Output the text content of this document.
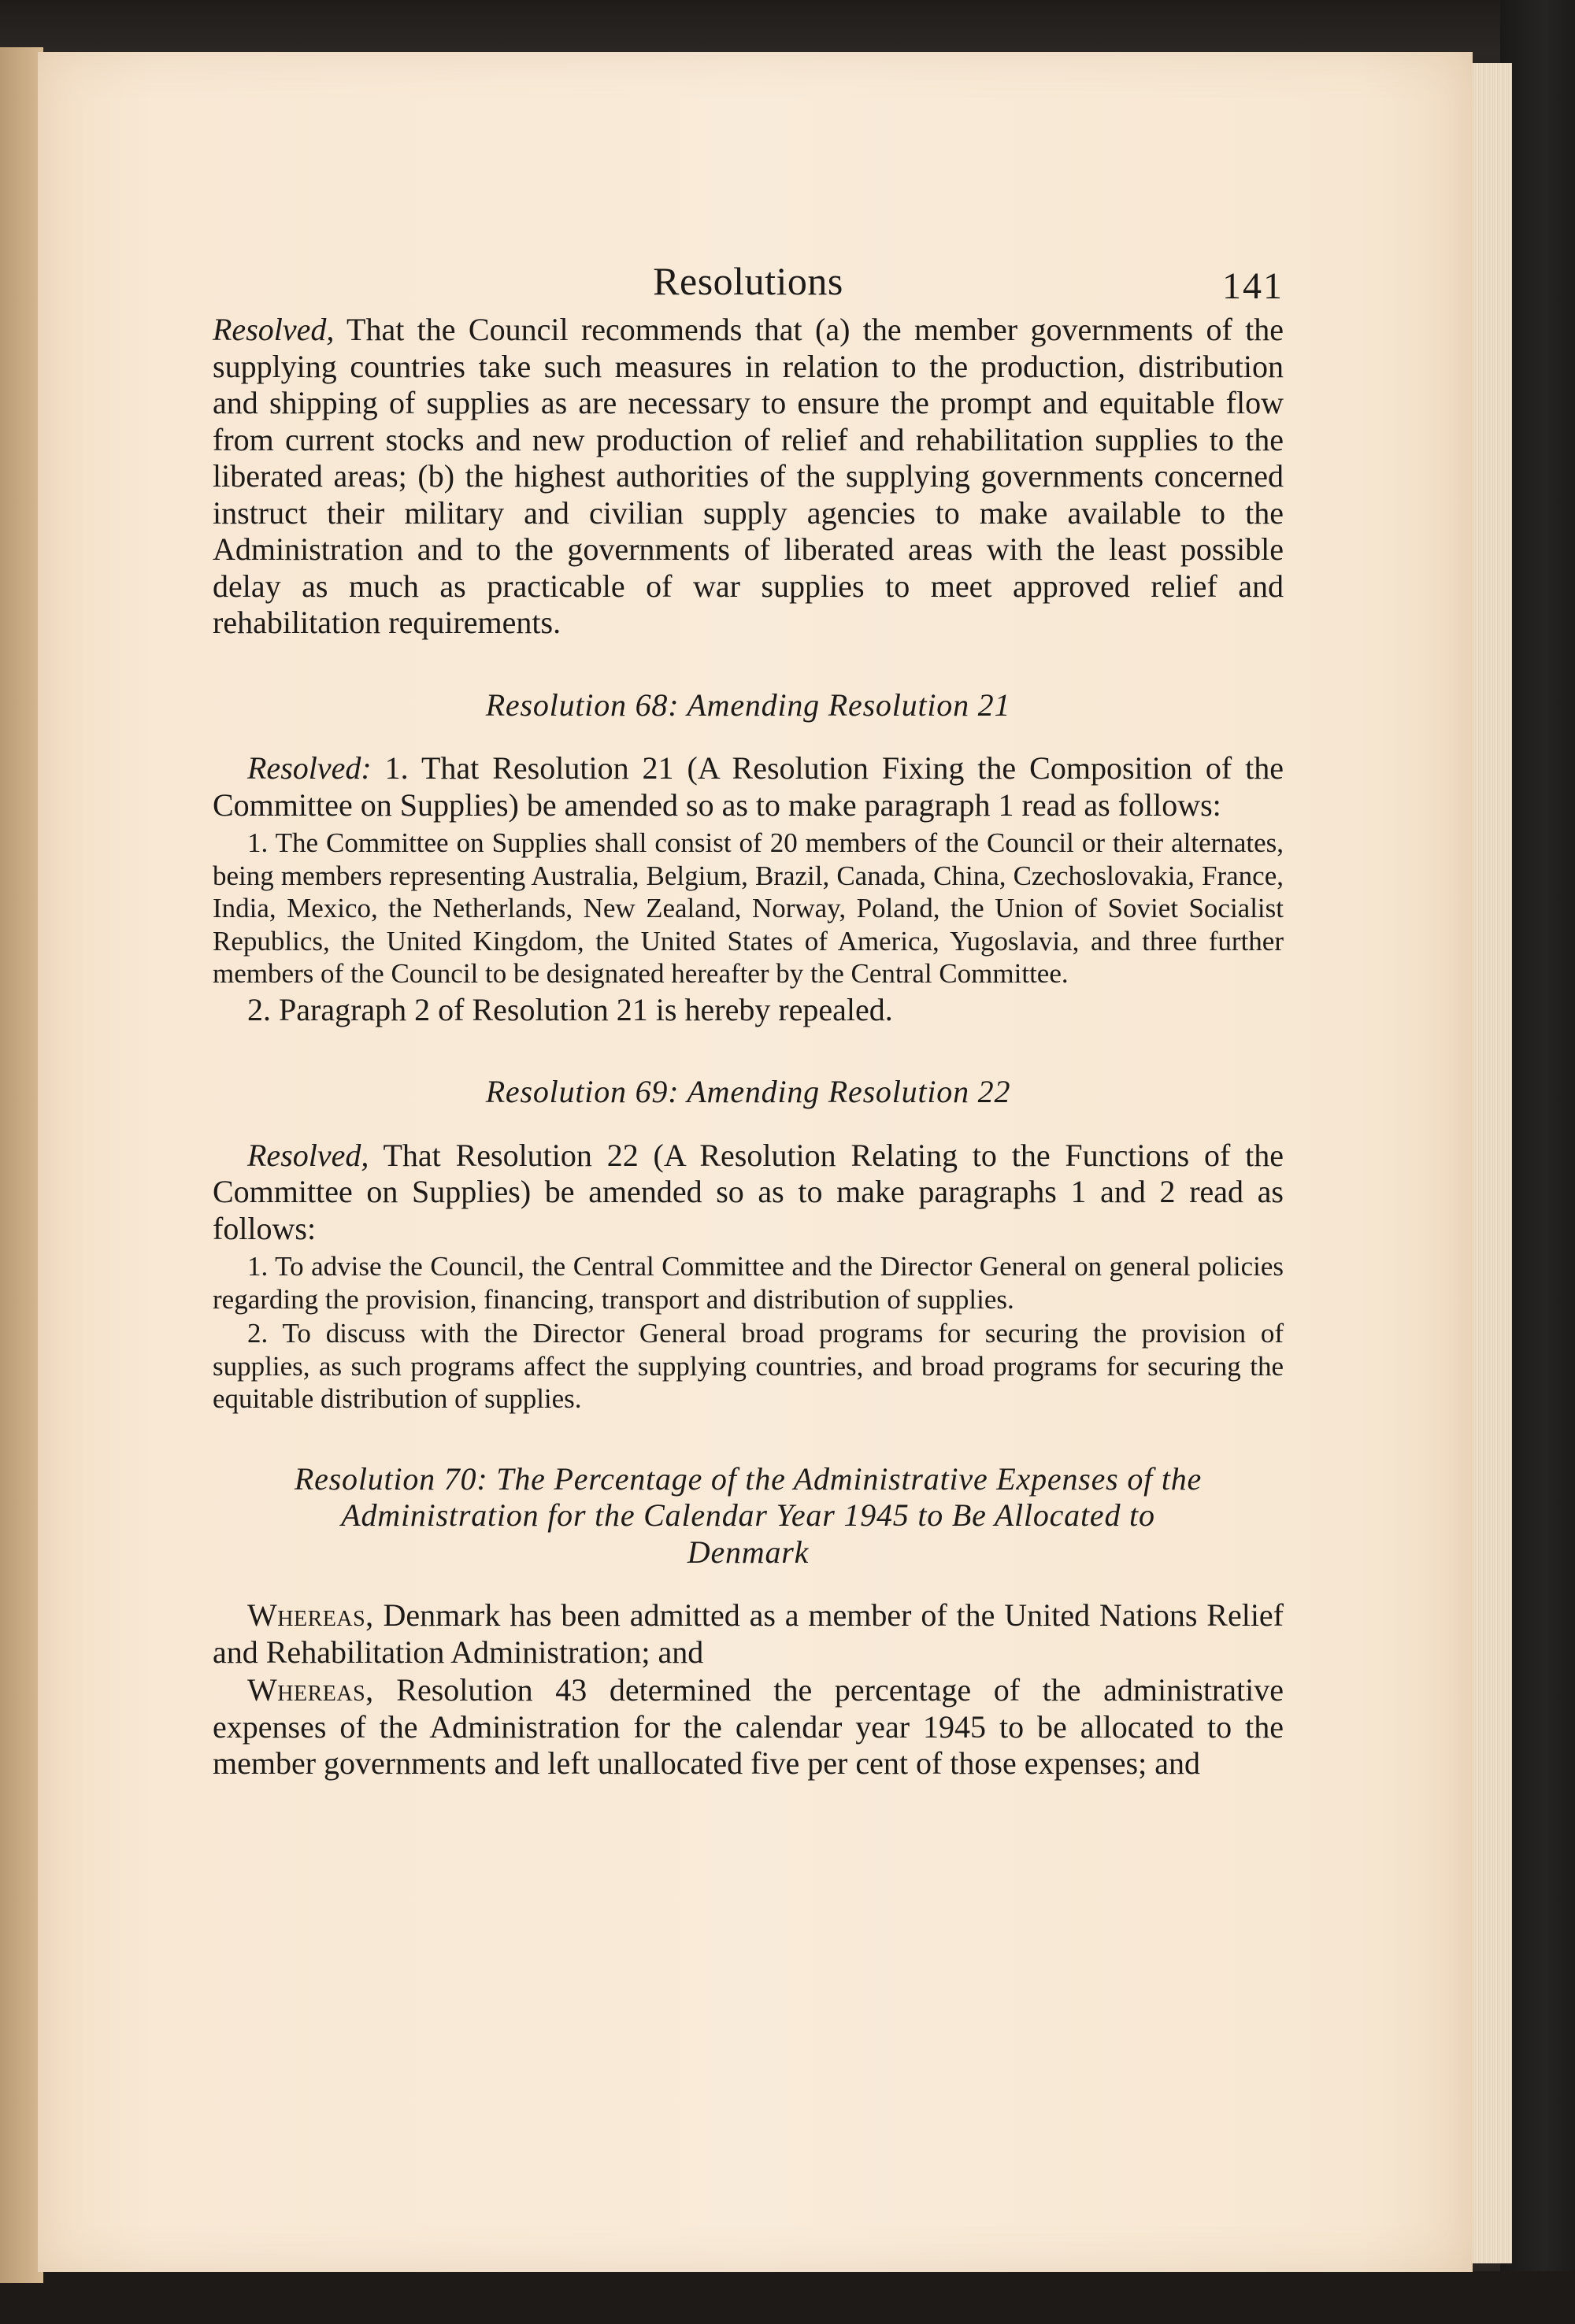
Resolutions	141

Resolved, That the Council recommends that (a) the member governments of the supplying countries take such measures in relation to the production, distribution and shipping of supplies as are necessary to ensure the prompt and equitable flow from current stocks and new production of relief and rehabilitation supplies to the liberated areas; (b) the highest authorities of the supplying governments concerned instruct their military and civilian supply agencies to make available to the Administration and to the governments of liberated areas with the least possible delay as much as practicable of war supplies to meet approved relief and rehabilitation requirements.

Resolution 68: Amending Resolution 21

Resolved: 1. That Resolution 21 (A Resolution Fixing the Composition of the Committee on Supplies) be amended so as to make paragraph 1 read as follows:

1. The Committee on Supplies shall consist of 20 members of the Council or their alternates, being members representing Australia, Belgium, Brazil, Canada, China, Czechoslovakia, France, India, Mexico, the Netherlands, New Zealand, Norway, Poland, the Union of Soviet Socialist Republics, the United Kingdom, the United States of America, Yugoslavia, and three further members of the Council to be designated hereafter by the Central Committee.

2. Paragraph 2 of Resolution 21 is hereby repealed.

Resolution 69: Amending Resolution 22

Resolved, That Resolution 22 (A Resolution Relating to the Functions of the Committee on Supplies) be amended so as to make paragraphs 1 and 2 read as follows:

1. To advise the Council, the Central Committee and the Director General on general policies regarding the provision, financing, transport and distribution of supplies.

2. To discuss with the Director General broad programs for securing the provision of supplies, as such programs affect the supplying countries, and broad programs for securing the equitable distribution of supplies.

Resolution 70: The Percentage of the Administrative Expenses of the

Administration for the Calendar Year 1945 to Be Allocated to

Denmark

Whereas, Denmark has been admitted as a member of the United Nations Relief and Rehabilitation Administration; and

Whereas, Resolution 43 determined the percentage of the administrative expenses of the Administration for the calendar year 1945 to be allocated to the member governments and left unallocated five per cent of those expenses; and
